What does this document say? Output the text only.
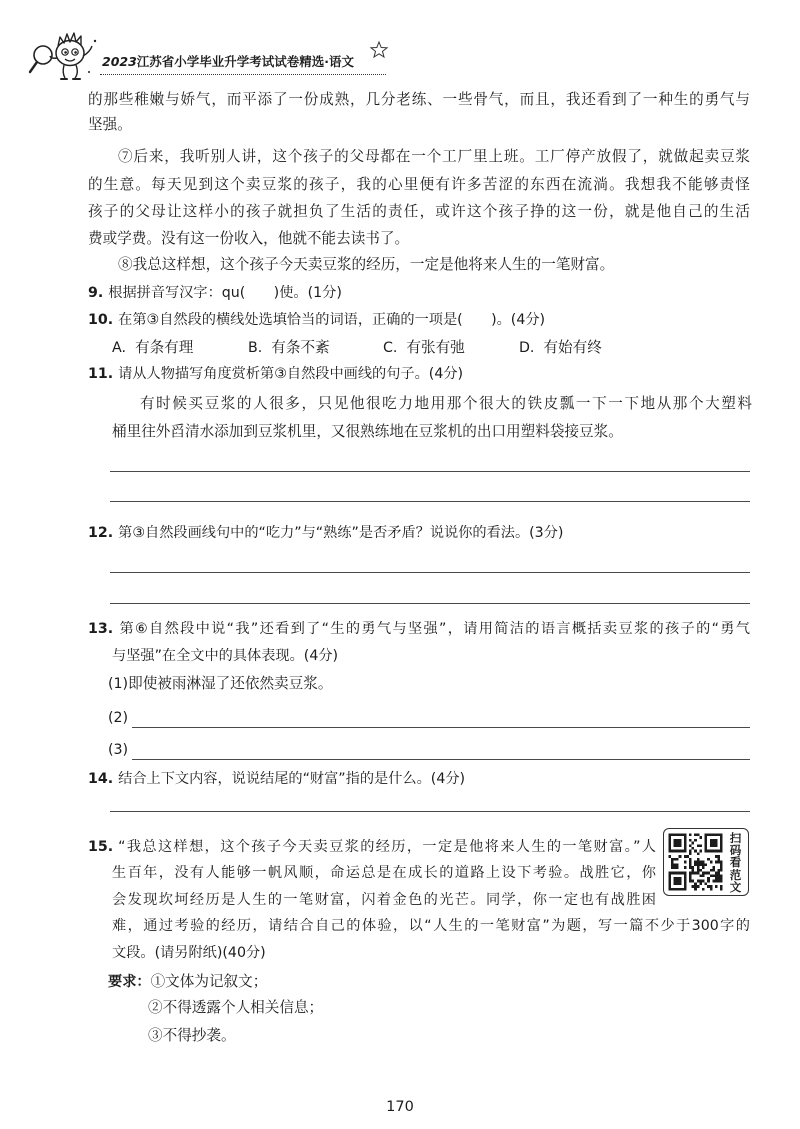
2023江苏省小学毕业升学考试试卷精选·语文
的那些稚嫩与娇气，而平添了一份成熟，几分老练、一些骨气，而且，我还看到了一种生的勇气与
坚强。
⑦后来，我听别人讲，这个孩子的父母都在一个工厂里上班。工厂停产放假了，就做起卖豆浆
的生意。每天见到这个卖豆浆的孩子，我的心里便有许多苦涩的东西在流淌。我想我不能够责怪
孩子的父母让这样小的孩子就担负了生活的责任，或许这个孩子挣的这一份，就是他自己的生活
费或学费。没有这一份收入，他就不能去读书了。
⑧我总这样想，这个孩子今天卖豆浆的经历，一定是他将来人生的一笔财富。
9. 根据拼音写汉字：qu(　　)使。(1分)
10. 在第③自然段的横线处选填恰当的词语，正确的一项是(　　)。(4分)
A. 有条有理	B. 有条不紊	C. 有张有弛	D. 有始有终
11. 请从人物描写角度赏析第③自然段中画线的句子。(4分)
有时候买豆浆的人很多，只见他很吃力地用那个很大的铁皮瓢一下一下地从那个大塑料
桶里往外舀清水添加到豆浆机里，又很熟练地在豆浆机的出口用塑料袋接豆浆。
12. 第③自然段画线句中的“吃力”与“熟练”是否矛盾？说说你的看法。(3分)
13. 第⑥自然段中说“我”还看到了“生的勇气与坚强”，请用简洁的语言概括卖豆浆的孩子的“勇气
与坚强”在全文中的具体表现。(4分)
(1)即使被雨淋湿了还依然卖豆浆。
(2)
(3)
14. 结合上下文内容，说说结尾的“财富”指的是什么。(4分)
15. “我总这样想，这个孩子今天卖豆浆的经历，一定是他将来人生的一笔财富。”人
生百年，没有人能够一帆风顺，命运总是在成长的道路上设下考验。战胜它，你
会发现坎坷经历是人生的一笔财富，闪着金色的光芒。同学，你一定也有战胜困
难，通过考验的经历，请结合自己的体验，以“人生的一笔财富”为题，写一篇不少于300字的
文段。(请另附纸)(40分)
要求：①文体为记叙文；
②不得透露个人相关信息；
③不得抄袭。
扫码看范文
170
